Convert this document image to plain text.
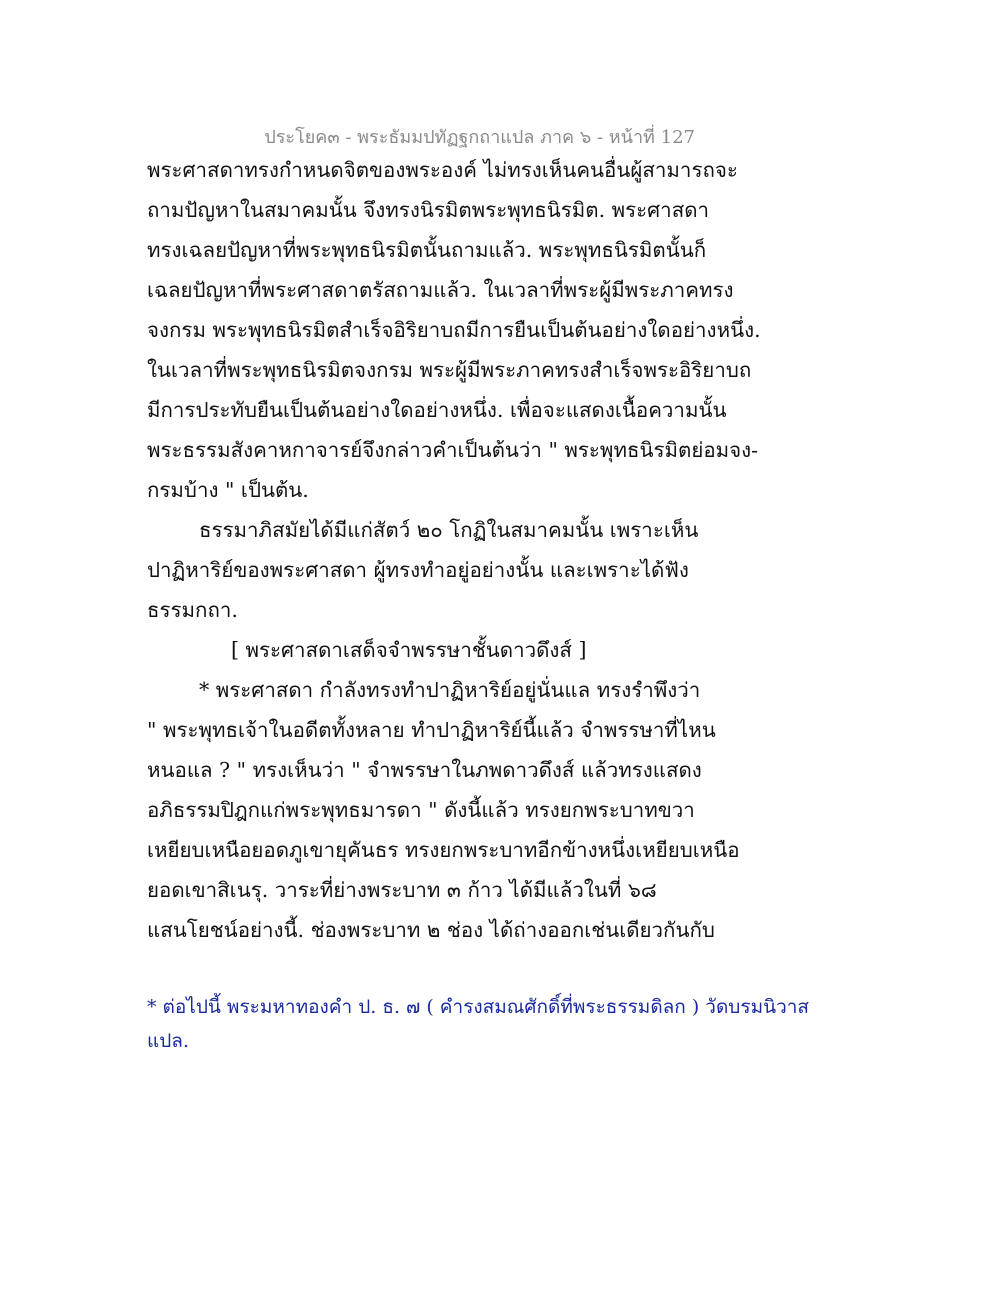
ประโยค๓ - พระธัมมปทัฏฐกถาแปล ภาค ๖ - หน้าที่ 127
พระศาสดาทรงกำหนดจิตของพระองค์ ไม่ทรงเห็นคนอื่นผู้สามารถจะ
ถามปัญหาในสมาคมนั้น จึงทรงนิรมิตพระพุทธนิรมิต. พระศาสดา
ทรงเฉลยปัญหาที่พระพุทธนิรมิตนั้นถามแล้ว. พระพุทธนิรมิตนั้นก็
เฉลยปัญหาที่พระศาสดาตรัสถามแล้ว. ในเวลาที่พระผู้มีพระภาคทรง
จงกรม พระพุทธนิรมิตสำเร็จอิริยาบถมีการยืนเป็นต้นอย่างใดอย่างหนึ่ง.
ในเวลาที่พระพุทธนิรมิตจงกรม พระผู้มีพระภาคทรงสำเร็จพระอิริยาบถ
มีการประทับยืนเป็นต้นอย่างใดอย่างหนึ่ง. เพื่อจะแสดงเนื้อความนั้น
พระธรรมสังคาหกาจารย์จึงกล่าวคำเป็นต้นว่า " พระพุทธนิรมิตย่อมจง-
กรมบ้าง " เป็นต้น.
ธรรมาภิสมัยได้มีแก่สัตว์ ๒๐ โกฏิในสมาคมนั้น เพราะเห็น
ปาฏิหาริย์ของพระศาสดา ผู้ทรงทำอยู่อย่างนั้น และเพราะได้ฟัง
ธรรมกถา.
[ พระศาสดาเสด็จจำพรรษาชั้นดาวดึงส์ ]
* พระศาสดา กำลังทรงทำปาฏิหาริย์อยู่นั่นแล ทรงรำพึงว่า
" พระพุทธเจ้าในอดีตทั้งหลาย ทำปาฏิหาริย์นี้แล้ว จำพรรษาที่ไหน
หนอแล ? " ทรงเห็นว่า " จำพรรษาในภพดาวดึงส์ แล้วทรงแสดง
อภิธรรมปิฎกแก่พระพุทธมารดา " ดังนี้แล้ว ทรงยกพระบาทขวา
เหยียบเหนือยอดภูเขายุคันธร ทรงยกพระบาทอีกข้างหนึ่งเหยียบเหนือ
ยอดเขาสิเนรุ. วาระที่ย่างพระบาท ๓ ก้าว ได้มีแล้วในที่ ๖๘
แสนโยชน์อย่างนี้. ช่องพระบาท ๒ ช่อง ได้ถ่างออกเช่นเดียวกันกับ
* ต่อไปนี้ พระมหาทองคำ ป. ธ. ๗ ( คำรงสมณศักดิ์ที่พระธรรมดิลก ) วัดบรมนิวาส
แปล.
